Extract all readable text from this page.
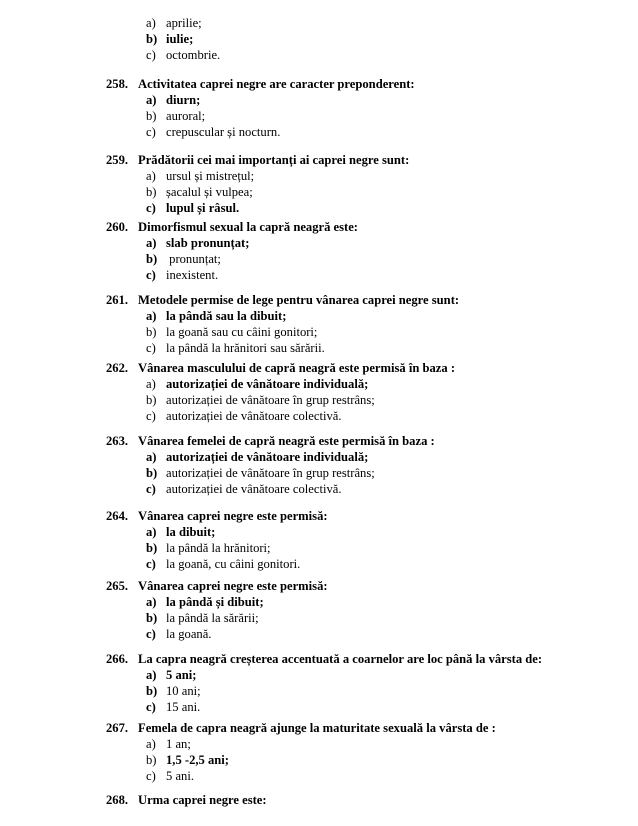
a) aprilie;
b) iulie;
c) octombrie.
258. Activitatea caprei negre are caracter preponderent:
a) diurn;
b) auroral;
c) crepuscular și nocturn.
259. Prădătorii cei mai importanți ai caprei negre sunt:
a) ursul și mistrețul;
b) șacalul și vulpea;
c) lupul și râsul.
260. Dimorfismul sexual la capră neagră este:
a) slab pronunțat;
b) pronunțat;
c) inexistent.
261. Metodele permise de lege pentru vânarea caprei negre sunt:
a) la pândă sau la dibuit;
b) la goană sau cu câini gonitori;
c) la pândă la hrănitori sau sărării.
262. Vânarea masculului de capră neagră este permisă în baza :
a) autorizației de vânătoare individuală;
b) autorizației de vânătoare în grup restrâns;
c) autorizației de vânătoare colectivă.
263. Vânarea femelei de capră neagră este permisă în baza :
a) autorizației de vânătoare individuală;
b) autorizației de vânătoare în grup restrâns;
c) autorizației de vânătoare colectivă.
264. Vânarea caprei negre este permisă:
a) la dibuit;
b) la pândă la hrănitori;
c) la goană, cu câini gonitori.
265. Vânarea caprei negre este permisă:
a) la pândă și dibuit;
b) la pândă la sărării;
c) la goană.
266. La capra neagră creșterea accentuată a coarnelor are loc până la vârsta de:
a) 5 ani;
b) 10 ani;
c) 15 ani.
267. Femela de capra neagră ajunge la maturitate sexuală la vârsta de :
a) 1 an;
b) 1,5 -2,5 ani;
c) 5 ani.
268. Urma caprei negre este:
